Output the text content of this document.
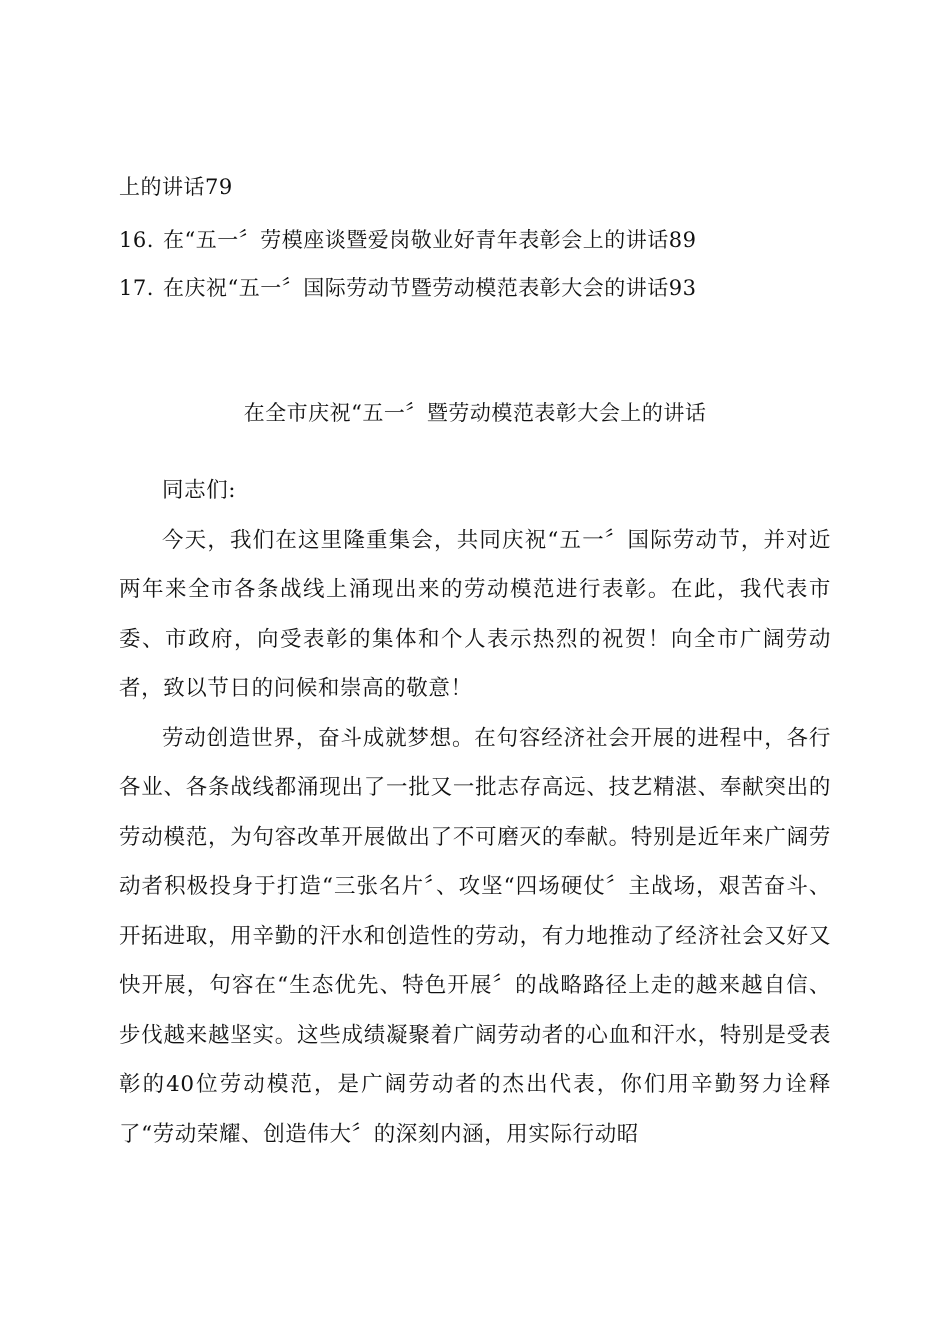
上的讲话79
16. 在“五一〞劳模座谈暨爱岗敬业好青年表彰会上的讲话89
17. 在庆祝“五一〞国际劳动节暨劳动模范表彰大会的讲话93
在全市庆祝“五一〞暨劳动模范表彰大会上的讲话

同志们:

今天，我们在这里隆重集会，共同庆祝“五一〞国际劳动节，并对近两年来全市各条战线上涌现出来的劳动模范进行表彰。在此，我代表市委、市政府，向受表彰的集体和个人表示热烈的祝贺！向全市广阔劳动者，致以节日的问候和崇高的敬意！

劳动创造世界，奋斗成就梦想。在句容经济社会开展的进程中，各行各业、各条战线都涌现出了一批又一批志存高远、技艺精湛、奉献突出的劳动模范，为句容改革开展做出了不可磨灭的奉献。特别是近年来广阔劳动者积极投身于打造“三张名片〞、攻坚“四场硬仗〞主战场，艰苦奋斗、开拓进取，用辛勤的汗水和创造性的劳动，有力地推动了经济社会又好又快开展，句容在“生态优先、特色开展〞的战略路径上走的越来越自信、步伐越来越坚实。这些成绩凝聚着广阔劳动者的心血和汗水，特别是受表彰的40位劳动模范，是广阔劳动者的杰出代表，你们用辛勤努力诠释了“劳动荣耀、创造伟大〞的深刻内涵，用实际行动昭
